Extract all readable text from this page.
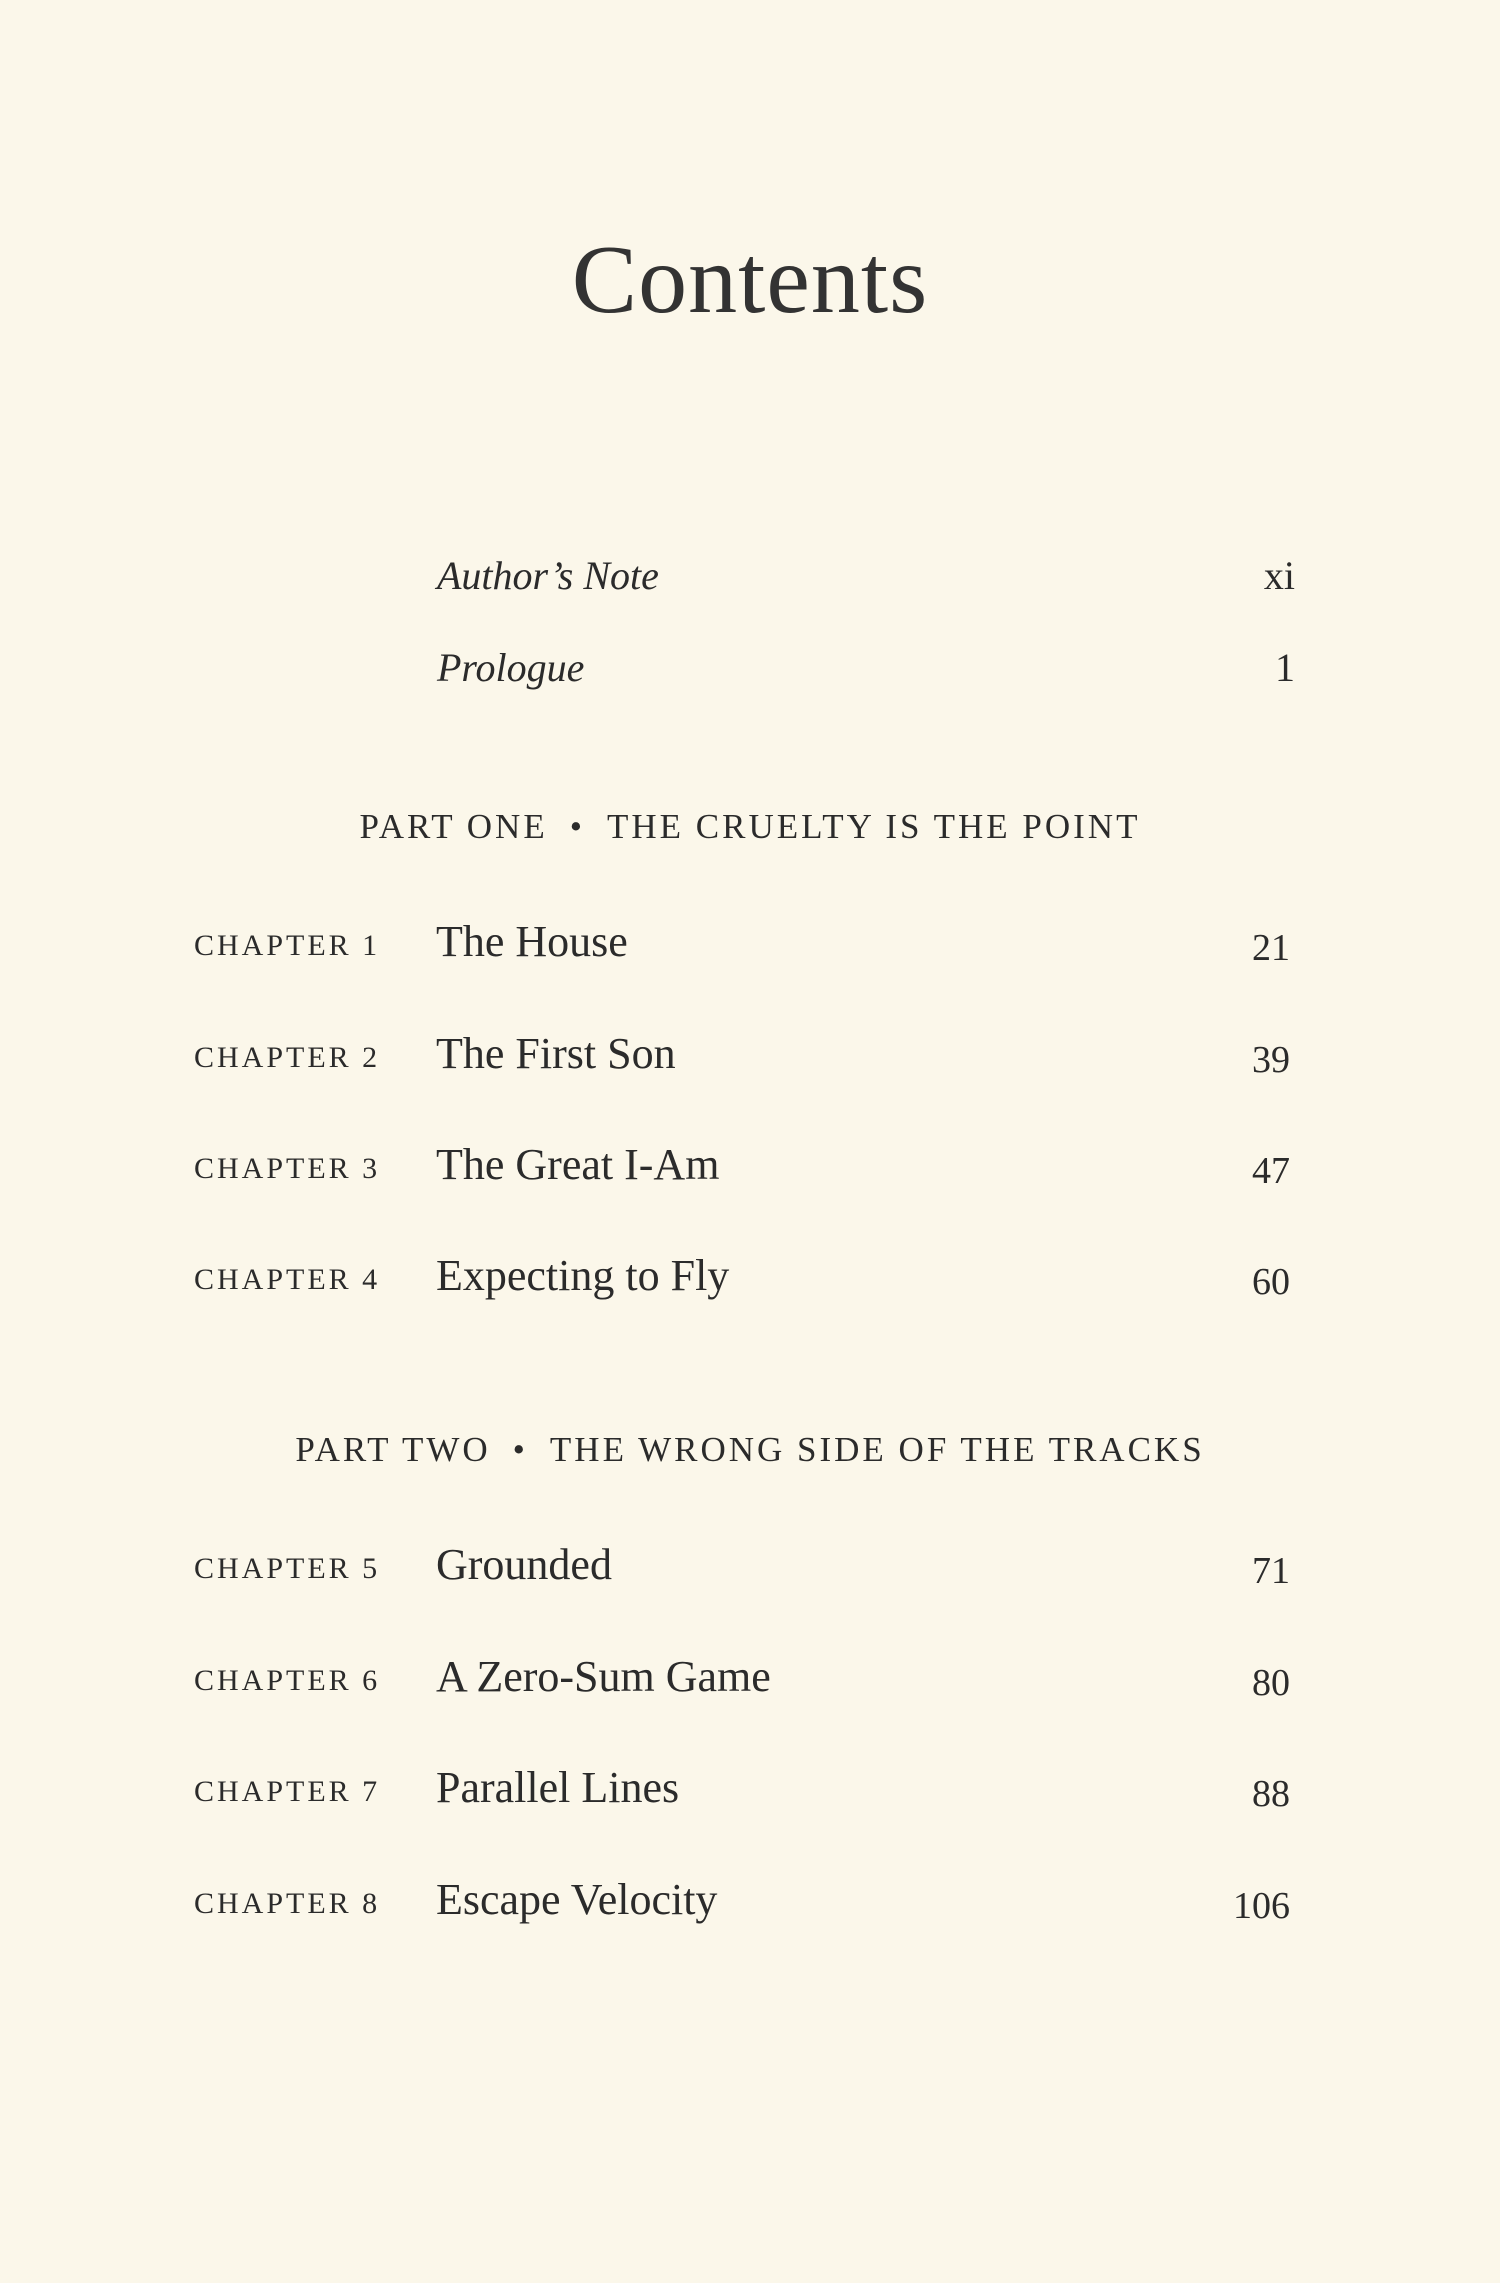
Contents
Author’s Note	xi
Prologue	1
PART ONE • THE CRUELTY IS THE POINT
CHAPTER 1 The House	21
CHAPTER 2 The First Son	39
CHAPTER 3 The Great I-Am	47
CHAPTER 4 Expecting to Fly	60
PART TWO • THE WRONG SIDE OF THE TRACKS
CHAPTER 5 Grounded	71
CHAPTER 6 A Zero-Sum Game	80
CHAPTER 7 Parallel Lines	88
CHAPTER 8 Escape Velocity	106
